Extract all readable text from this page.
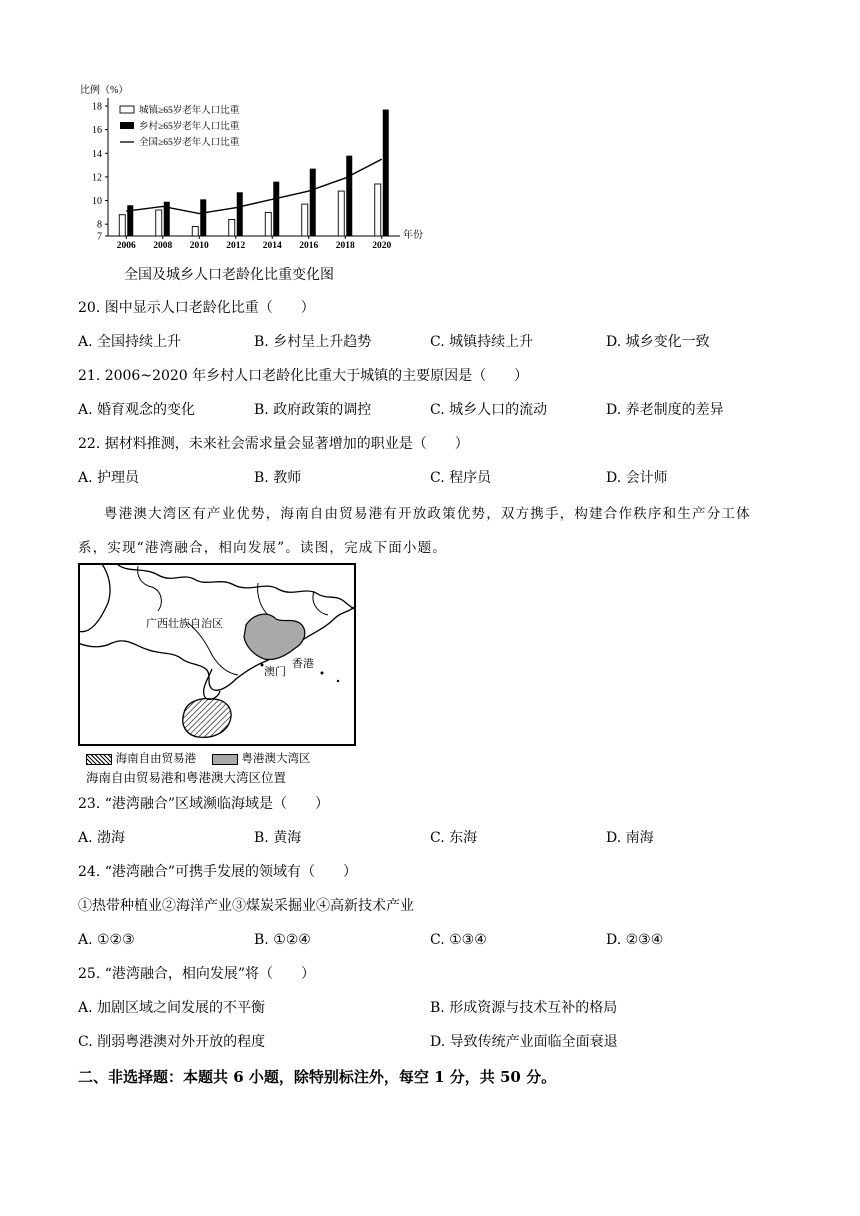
比例（%）
7
8
10
12
14
16
18
2006 2008 2010 2012 2014 2016 2018 2020
城镇≥65岁老年人口比重
乡村≥65岁老年人口比重
全国≥65岁老年人口比重
年份
全国及城乡人口老龄化比重变化图
20. 图中显示人口老龄化比重（　　）
A. 全国持续上升	B. 乡村呈上升趋势	C. 城镇持续上升	D. 城乡变化一致
21. 2006~2020 年乡村人口老龄化比重大于城镇的主要原因是（　　）
A. 婚育观念的变化	B. 政府政策的调控	C. 城乡人口的流动	D. 养老制度的差异
22. 据材料推测，未来社会需求量会显著增加的职业是（　　）
A. 护理员	B. 教师	C. 程序员	D. 会计师
粤港澳大湾区有产业优势，海南自由贸易港有开放政策优势，双方携手，构建合作秩序和生产分工体
系，实现“港湾融合，相向发展”。读图，完成下面小题。
广西壮族自治区
香港
澳门
海南自由贸易港	粤港澳大湾区
海南自由贸易港和粤港澳大湾区位置
23. “港湾融合”区域濒临海域是（　　）
A. 渤海	B. 黄海	C. 东海	D. 南海
24. “港湾融合”可携手发展的领域有（　　）
①热带种植业②海洋产业③煤炭采掘业④高新技术产业
A. ①②③	B. ①②④	C. ①③④	D. ②③④
25. “港湾融合，相向发展”将（　　）
A. 加剧区域之间发展的不平衡	B. 形成资源与技术互补的格局
C. 削弱粤港澳对外开放的程度	D. 导致传统产业面临全面衰退
二、非选择题：本题共 6 小题，除特别标注外，每空 1 分，共 50 分。
